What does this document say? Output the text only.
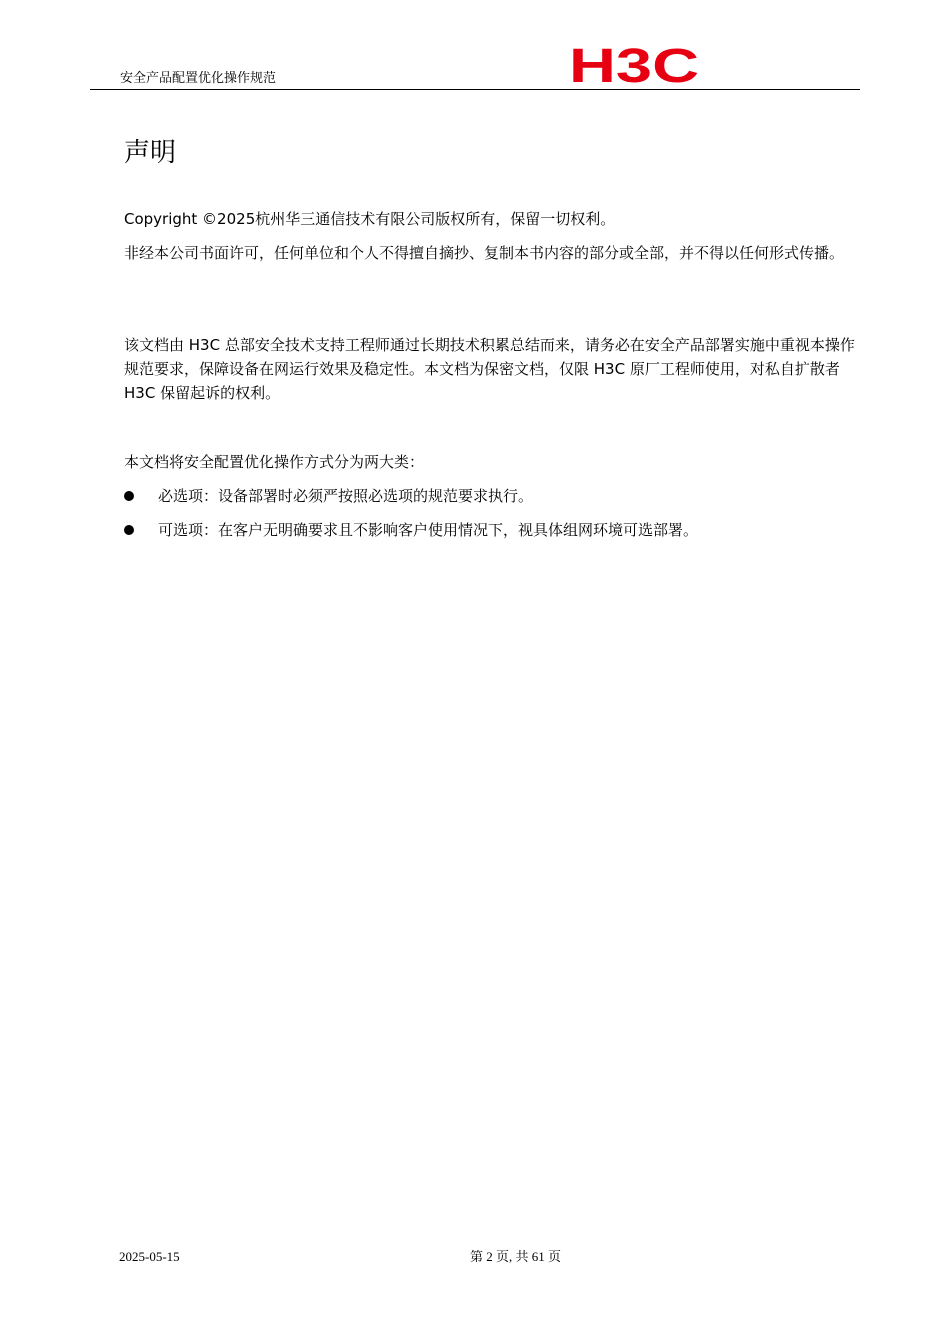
安全产品配置优化操作规范	H3C
声明

Copyright ©2025杭州华三通信技术有限公司版权所有，保留一切权利。

非经本公司书面许可，任何单位和个人不得擅自摘抄、复制本书内容的部分或全部，并不得以任何形式传播。

该文档由 H3C 总部安全技术支持工程师通过长期技术积累总结而来，请务必在安全产品部署实施中重视本操作规范要求，保障设备在网运行效果及稳定性。本文档为保密文档，仅限 H3C 原厂工程师使用，对私自扩散者 H3C 保留起诉的权利。

本文档将安全配置优化操作方式分为两大类：

必选项：设备部署时必须严按照必选项的规范要求执行。
可选项：在客户无明确要求且不影响客户使用情况下，视具体组网环境可选部署。
2025-05-15	第 2 页, 共 61 页
